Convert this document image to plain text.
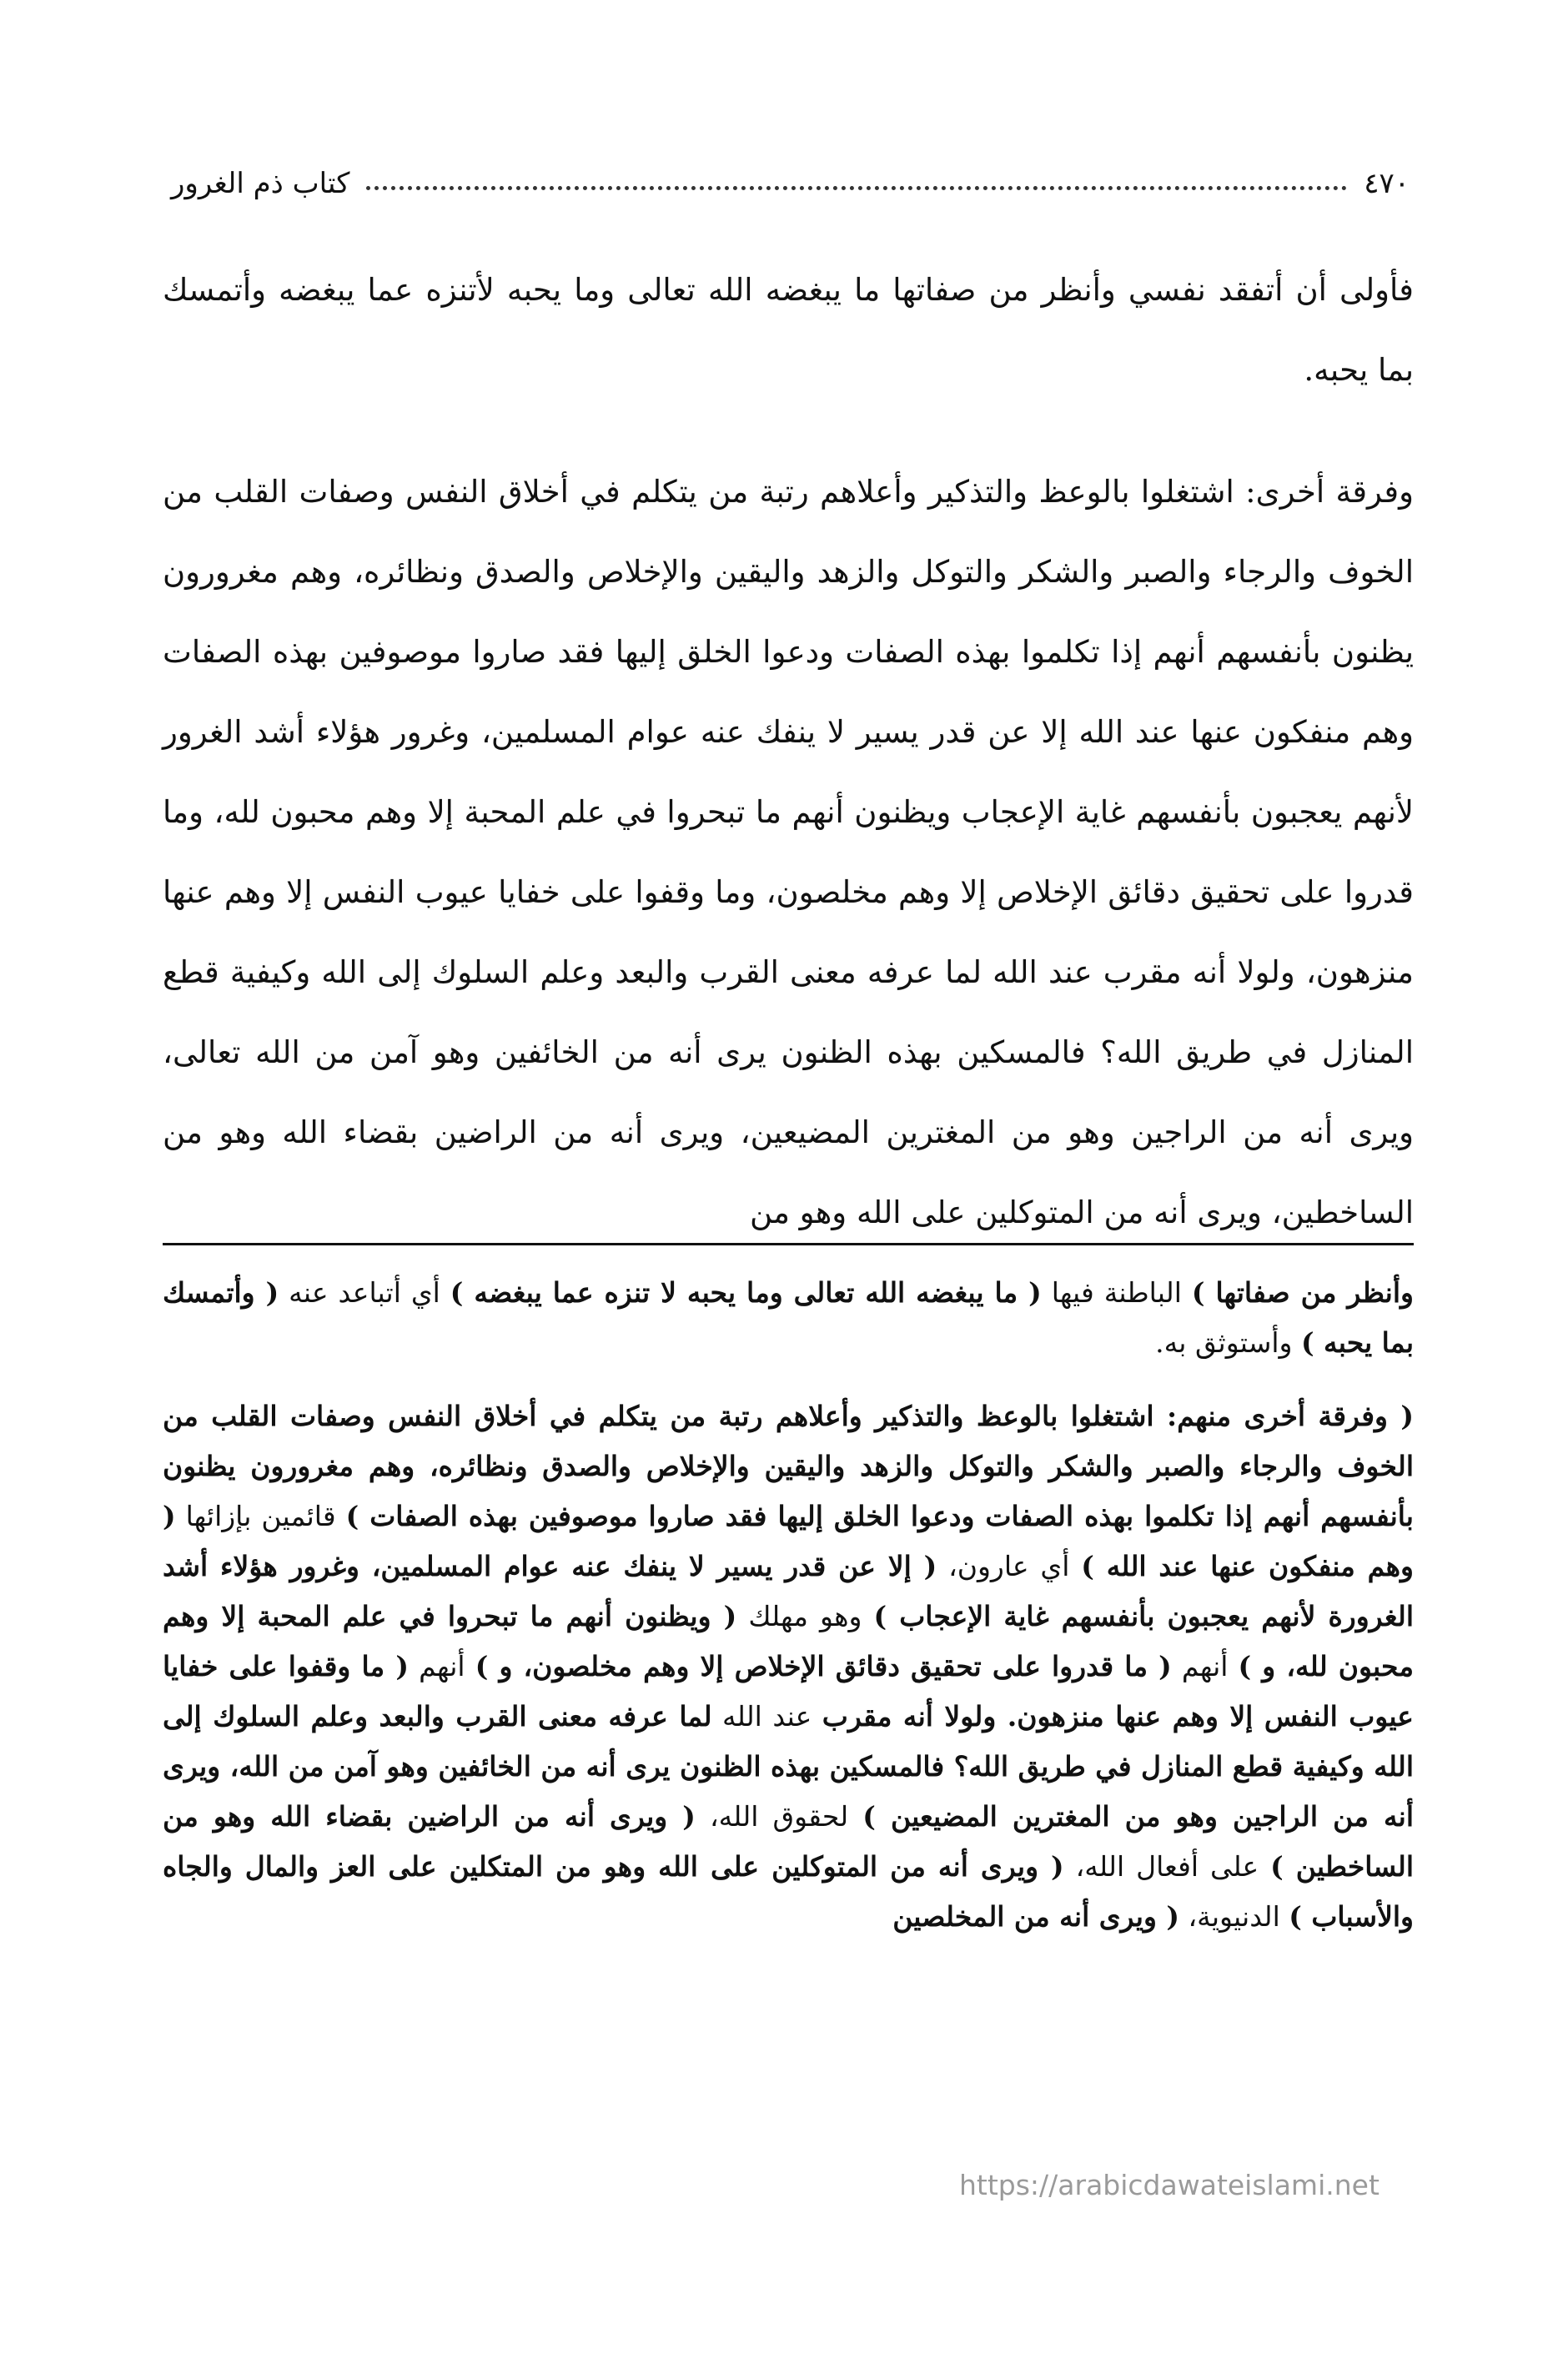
٤٧٠
كتاب ذم الغرور

فأولى أن أتفقد نفسي وأنظر من صفاتها ما يبغضه الله تعالى وما يحبه لأتنزه عما يبغضه وأتمسك بما يحبه.

وفرقة أخرى: اشتغلوا بالوعظ والتذكير وأعلاهم رتبة من يتكلم في أخلاق النفس وصفات القلب من الخوف والرجاء والصبر والشكر والتوكل والزهد واليقين والإخلاص والصدق ونظائره، وهم مغرورون يظنون بأنفسهم أنهم إذا تكلموا بهذه الصفات ودعوا الخلق إليها فقد صاروا موصوفين بهذه الصفات وهم منفكون عنها عند الله إلا عن قدر يسير لا ينفك عنه عوام المسلمين، وغرور هؤلاء أشد الغرور لأنهم يعجبون بأنفسهم غاية الإعجاب ويظنون أنهم ما تبحروا في علم المحبة إلا وهم محبون لله، وما قدروا على تحقيق دقائق الإخلاص إلا وهم مخلصون، وما وقفوا على خفايا عيوب النفس إلا وهم عنها منزهون، ولولا أنه مقرب عند الله لما عرفه معنى القرب والبعد وعلم السلوك إلى الله وكيفية قطع المنازل في طريق الله؟ فالمسكين بهذه الظنون يرى أنه من الخائفين وهو آمن من الله تعالى، ويرى أنه من الراجين وهو من المغترين المضيعين، ويرى أنه من الراضين بقضاء الله وهو من الساخطين، ويرى أنه من المتوكلين على الله وهو من

وأنظر من صفاتها ) الباطنة فيها ( ما يبغضه الله تعالى وما يحبه لا تنزه عما يبغضه ) أي أتباعد عنه ( وأتمسك بما يحبه ) وأستوثق به.

( وفرقة أخرى منهم: اشتغلوا بالوعظ والتذكير وأعلاهم رتبة من يتكلم في أخلاق النفس وصفات القلب من الخوف والرجاء والصبر والشكر والتوكل والزهد واليقين والإخلاص والصدق ونظائره، وهم مغرورون يظنون بأنفسهم أنهم إذا تكلموا بهذه الصفات ودعوا الخلق إليها فقد صاروا موصوفين بهذه الصفات ) قائمين بإزائها ( وهم منفكون عنها عند الله ) أي عارون، ( إلا عن قدر يسير لا ينفك عنه عوام المسلمين، وغرور هؤلاء أشد الغرورة لأنهم يعجبون بأنفسهم غاية الإعجاب ) وهو مهلك ( ويظنون أنهم ما تبحروا في علم المحبة إلا وهم محبون لله، و ) أنهم ( ما قدروا على تحقيق دقائق الإخلاص إلا وهم مخلصون، و ) أنهم ( ما وقفوا على خفايا عيوب النفس إلا وهم عنها منزهون. ولولا أنه مقرب عند الله لما عرفه معنى القرب والبعد وعلم السلوك إلى الله وكيفية قطع المنازل في طريق الله؟ فالمسكين بهذه الظنون يرى أنه من الخائفين وهو آمن من الله، ويرى أنه من الراجين وهو من المغترين المضيعين ) لحقوق الله، ( ويرى أنه من الراضين بقضاء الله وهو من الساخطين ) على أفعال الله، ( ويرى أنه من المتوكلين على الله وهو من المتكلين على العز والمال والجاه والأسباب ) الدنيوية، ( ويرى أنه من المخلصين

https://arabicdawateislami.net
